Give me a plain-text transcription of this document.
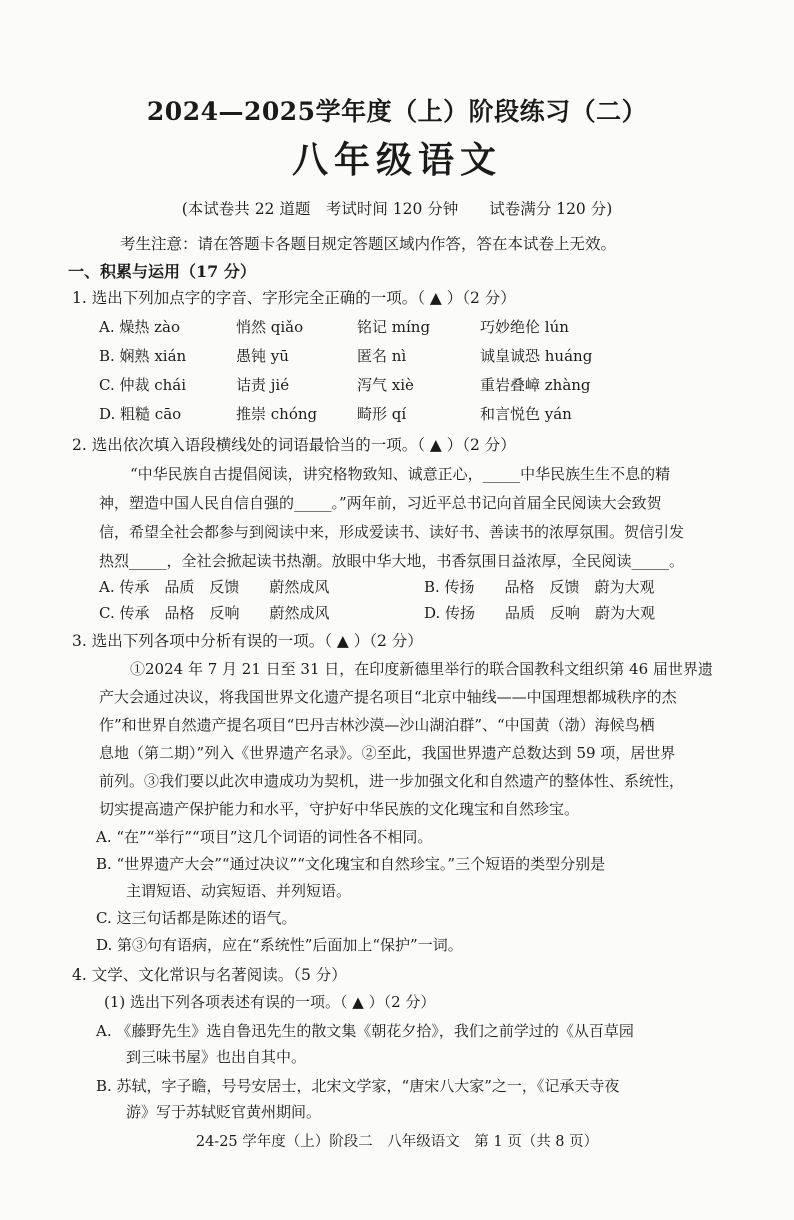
2024—2025学年度（上）阶段练习（二）
八年级语文
(本试卷共 22 道题　考试时间 120 分钟　　试卷满分 120 分)
考生注意：请在答题卡各题目规定答题区域内作答，答在本试卷上无效。
一、积累与运用（17 分）
1. 选出下列加点字的字音、字形完全正确的一项。（ ▲ ）（2 分）
A. 燥热 zào	悄然 qiǎo	铭记 míng	巧妙绝伦 lún
B. 娴熟 xián	愚钝 yū	匿名 nì	诚皇诚恐 huáng
C. 仲裁 chái	诘责 jié	泻气 xiè	重岩叠嶂 zhàng
D. 粗糙 cāo	推崇 chóng	畸形 qí	和言悦色 yán
2. 选出依次填入语段横线处的词语最恰当的一项。（ ▲ ）（2 分）
“中华民族自古提倡阅读，讲究格物致知、诚意正心，_____中华民族生生不息的精
神，塑造中国人民自信自强的_____。”两年前，习近平总书记向首届全民阅读大会致贺
信，希望全社会都参与到阅读中来，形成爱读书、读好书、善读书的浓厚氛围。贺信引发
热烈_____，全社会掀起读书热潮。放眼中华大地，书香氛围日益浓厚，全民阅读_____。
A. 传承　品质　反馈　　蔚然成风	B. 传扬　　品格　反馈　蔚为大观
C. 传承　品格　反响　　蔚然成风	D. 传扬　　品质　反响　蔚为大观
3. 选出下列各项中分析有误的一项。（ ▲ ）（2 分）
①2024 年 7 月 21 日至 31 日，在印度新德里举行的联合国教科文组织第 46 届世界遗
产大会通过决议，将我国世界文化遗产提名项目“北京中轴线——中国理想都城秩序的杰
作”和世界自然遗产提名项目“巴丹吉林沙漠—沙山湖泊群”、“中国黄（渤）海候鸟栖
息地（第二期）”列入《世界遗产名录》。②至此，我国世界遗产总数达到 59 项，居世界
前列。③我们要以此次申遗成功为契机，进一步加强文化和自然遗产的整体性、系统性，
切实提高遗产保护能力和水平，守护好中华民族的文化瑰宝和自然珍宝。
A. “在”“举行”“项目”这几个词语的词性各不相同。
B. “世界遗产大会”“通过决议”“文化瑰宝和自然珍宝。”三个短语的类型分别是
主谓短语、动宾短语、并列短语。
C. 这三句话都是陈述的语气。
D. 第③句有语病，应在“系统性”后面加上“保护”一词。
4. 文学、文化常识与名著阅读。（5 分）
(1) 选出下列各项表述有误的一项。（ ▲ ）（2 分）
A. 《藤野先生》选自鲁迅先生的散文集《朝花夕拾》，我们之前学过的《从百草园
到三味书屋》也出自其中。
B. 苏轼，字子瞻，号号安居士，北宋文学家，“唐宋八大家”之一，《记承天寺夜
游》写于苏轼贬官黄州期间。
24-25 学年度（上）阶段二　八年级语文　第 1 页（共 8 页）
